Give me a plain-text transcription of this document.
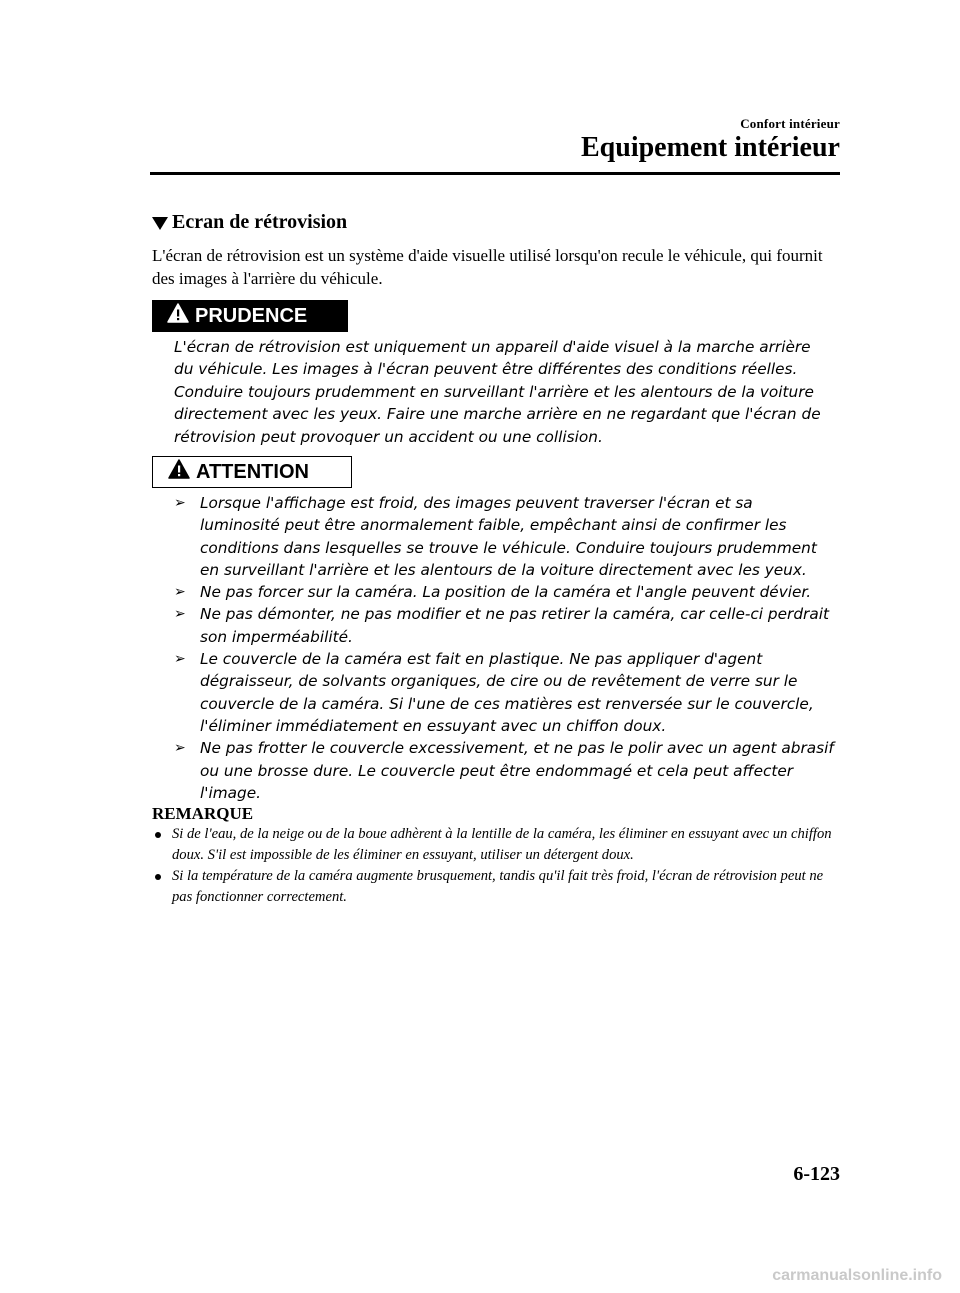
Confort intérieur
Equipement intérieur
Ecran de rétrovision
L'écran de rétrovision est un système d'aide visuelle utilisé lorsqu'on recule le véhicule, qui fournit des images à l'arrière du véhicule.
PRUDENCE
L'écran de rétrovision est uniquement un appareil d'aide visuel à la marche arrière du véhicule. Les images à l'écran peuvent être différentes des conditions réelles. Conduire toujours prudemment en surveillant l'arrière et les alentours de la voiture directement avec les yeux. Faire une marche arrière en ne regardant que l'écran de rétrovision peut provoquer un accident ou une collision.
ATTENTION
➢ Lorsque l'affichage est froid, des images peuvent traverser l'écran et sa luminosité peut être anormalement faible, empêchant ainsi de confirmer les conditions dans lesquelles se trouve le véhicule. Conduire toujours prudemment en surveillant l'arrière et les alentours de la voiture directement avec les yeux.
➢ Ne pas forcer sur la caméra. La position de la caméra et l'angle peuvent dévier.
➢ Ne pas démonter, ne pas modifier et ne pas retirer la caméra, car celle-ci perdrait son imperméabilité.
➢ Le couvercle de la caméra est fait en plastique. Ne pas appliquer d'agent dégraisseur, de solvants organiques, de cire ou de revêtement de verre sur le couvercle de la caméra. Si l'une de ces matières est renversée sur le couvercle, l'éliminer immédiatement en essuyant avec un chiffon doux.
➢ Ne pas frotter le couvercle excessivement, et ne pas le polir avec un agent abrasif ou une brosse dure. Le couvercle peut être endommagé et cela peut affecter l'image.
REMARQUE
Si de l'eau, de la neige ou de la boue adhèrent à la lentille de la caméra, les éliminer en essuyant avec un chiffon doux. S'il est impossible de les éliminer en essuyant, utiliser un détergent doux.
Si la température de la caméra augmente brusquement, tandis qu'il fait très froid, l'écran de rétrovision peut ne pas fonctionner correctement.
6-123
carmanualsonline.info
